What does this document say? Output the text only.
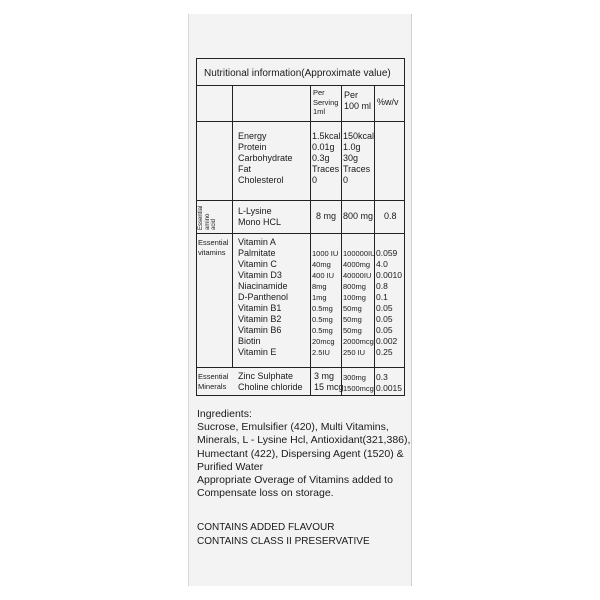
Nutritional information(Approximate value)
Per
Serving
1ml
Per
100 ml %w/v
Energy
Protein
Carbohydrate
Fat
Cholesterol
1.5kcal
0.01g
0.3g
Traces
0
150kcal
1.0g
30g
Traces
0
Essential amino acid
L-Lysine
Mono HCL
8 mg 800 mg 0.8
Essential
vitamins
Vitamin A
Palmitate
Vitamin C
Vitamin D3
Niacinamide
D-Panthenol
Vitamin B1
Vitamin B2
Vitamin B6
Biotin
Vitamin E

1000 IU
40mg
400 IU
8mg
1mg
0.5mg
0.5mg
0.5mg
20mcg
2.5IU

100000IU
4000mg
40000IU
800mg
100mg
50mg
50mg
50mg
2000mcg
250 IU

0.059
4.0
0.0010
0.8
0.1
0.05
0.05
0.05
0.002
0.25
Essential
Minerals
Zinc Sulphate
Choline chloride
3 mg
15 mcg
300mg
1500mcg
0.3
0.0015
Ingredients:
Sucrose, Emulsifier (420), Multi Vitamins,
Minerals, L - Lysine Hcl, Antioxidant(321,386),
Humectant (422), Dispersing Agent (1520) &
Purified Water
Appropriate Overage of Vitamins added to
Compensate loss on storage.
CONTAINS ADDED FLAVOUR
CONTAINS CLASS II PRESERVATIVE
